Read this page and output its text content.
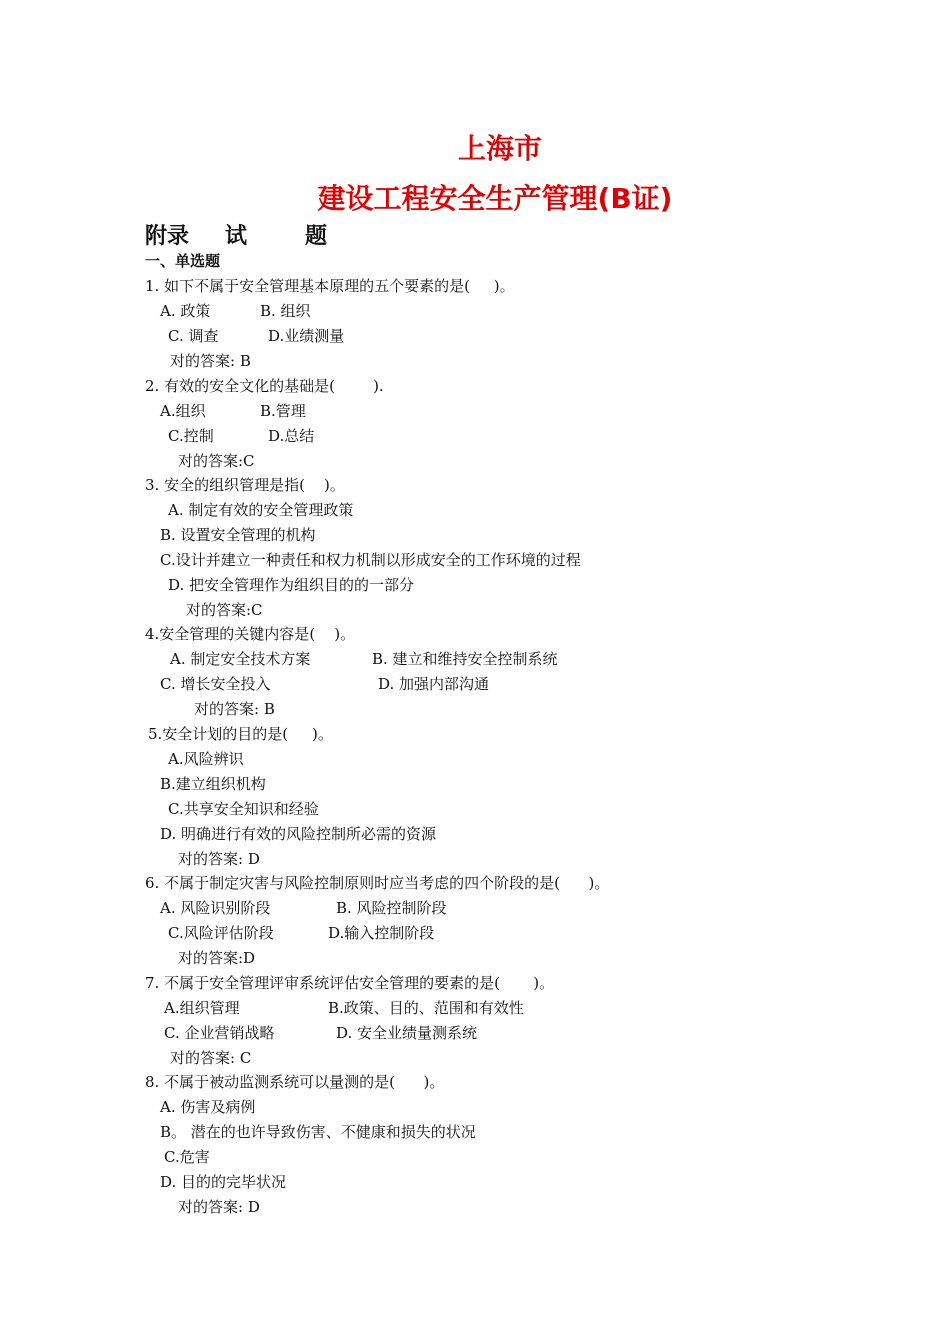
上海市
建设工程安全生产管理(B证)
附录 试	题
一、单选题
1. 如下不属于安全管理基本原理的五个要素的是(     )。
A. 政策	B. 组织
C. 调查	D.业绩测量
对的答案: B
2. 有效的安全文化的基础是(        ).
A.组织	B.管理
C.控制	D.总结
对的答案:C
3. 安全的组织管理是指(    )。
A. 制定有效的安全管理政策
B. 设置安全管理的机构
C.设计并建立一种责任和权力机制以形成安全的工作环境的过程
D. 把安全管理作为组织目的的一部分
对的答案:C
4.安全管理的关键内容是(    )。
A. 制定安全技术方案	B. 建立和维持安全控制系统
C. 增长安全投入	D. 加强内部沟通
对的答案: B
5.安全计划的目的是(     )。
A.风险辨识
B.建立组织机构
C.共享安全知识和经验
D. 明确进行有效的风险控制所必需的资源
对的答案: D
6. 不属于制定灾害与风险控制原则时应当考虑的四个阶段的是(      )。
A. 风险识别阶段	B. 风险控制阶段
C.风险评估阶段	D.输入控制阶段
对的答案:D
7. 不属于安全管理评审系统评估安全管理的要素的是(       )。
A.组织管理	B.政策、目的、范围和有效性
C. 企业营销战略	D. 安全业绩量测系统
对的答案: C
8. 不属于被动监测系统可以量测的是(      )。
A. 伤害及病例
B。 潜在的也许导致伤害、不健康和损失的状况
C.危害
D. 目的的完毕状况
对的答案: D
